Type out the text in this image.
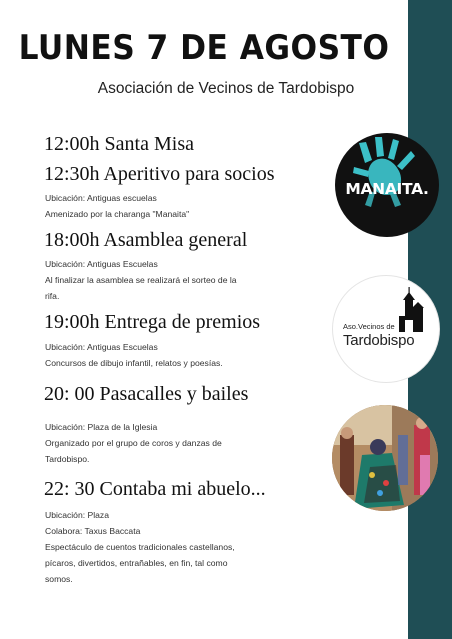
LUNES 7 DE AGOSTO
Asociación de Vecinos de Tardobispo
12:00h Santa Misa
12:30h Aperitivo para socios
Ubicación: Antiguas escuelas
Amenizado por la charanga "Manaita"
18:00h Asamblea general
Ubicación: Antiguas Escuelas
Al finalizar la asamblea se realizará el sorteo de la
rifa.
19:00h Entrega de premios
Ubicación: Antiguas Escuelas
Concursos de dibujo infantil, relatos y poesías.
20: 00 Pasacalles y bailes
Ubicación: Plaza de la Iglesia
Organizado por el grupo de coros y danzas de
Tardobispo.
22: 30 Contaba mi abuelo...
Ubicación: Plaza
Colabora: Taxus Baccata
Espectáculo de cuentos tradicionales castellanos,
pícaros, divertidos, entrañables, en fin, tal como
somos.
MANAITA.
Aso.Vecinos de
Tardobispo
